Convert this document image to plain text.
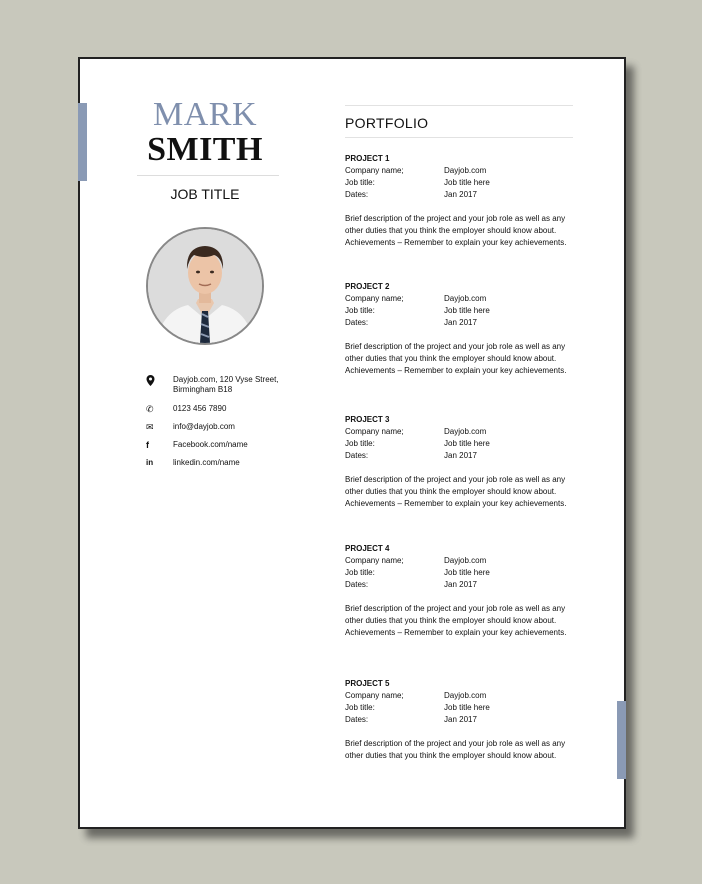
MARK
SMITH
JOB TITLE
Dayjob.com, 120 Vyse Street,
Birmingham B18
✆	0123 456 7890
✉	info@dayjob.com
f	Facebook.com/name
in	linkedin.com/name
PORTFOLIO
PROJECT 1
Company name;	Dayjob.com
Job title:	Job title here
Dates:	Jan 2017
Brief description of the project and your job role as well as any other duties that you think the employer should know about. Achievements – Remember to explain your key achievements.
PROJECT 2
Company name;	Dayjob.com
Job title:	Job title here
Dates:	Jan 2017
Brief description of the project and your job role as well as any other duties that you think the employer should know about. Achievements – Remember to explain your key achievements.
PROJECT 3
Company name;	Dayjob.com
Job title:	Job title here
Dates:	Jan 2017
Brief description of the project and your job role as well as any other duties that you think the employer should know about. Achievements – Remember to explain your key achievements.
PROJECT 4
Company name;	Dayjob.com
Job title:	Job title here
Dates:	Jan 2017
Brief description of the project and your job role as well as any other duties that you think the employer should know about. Achievements – Remember to explain your key achievements.
PROJECT 5
Company name;	Dayjob.com
Job title:	Job title here
Dates:	Jan 2017
Brief description of the project and your job role as well as any other duties that you think the employer should know about.
